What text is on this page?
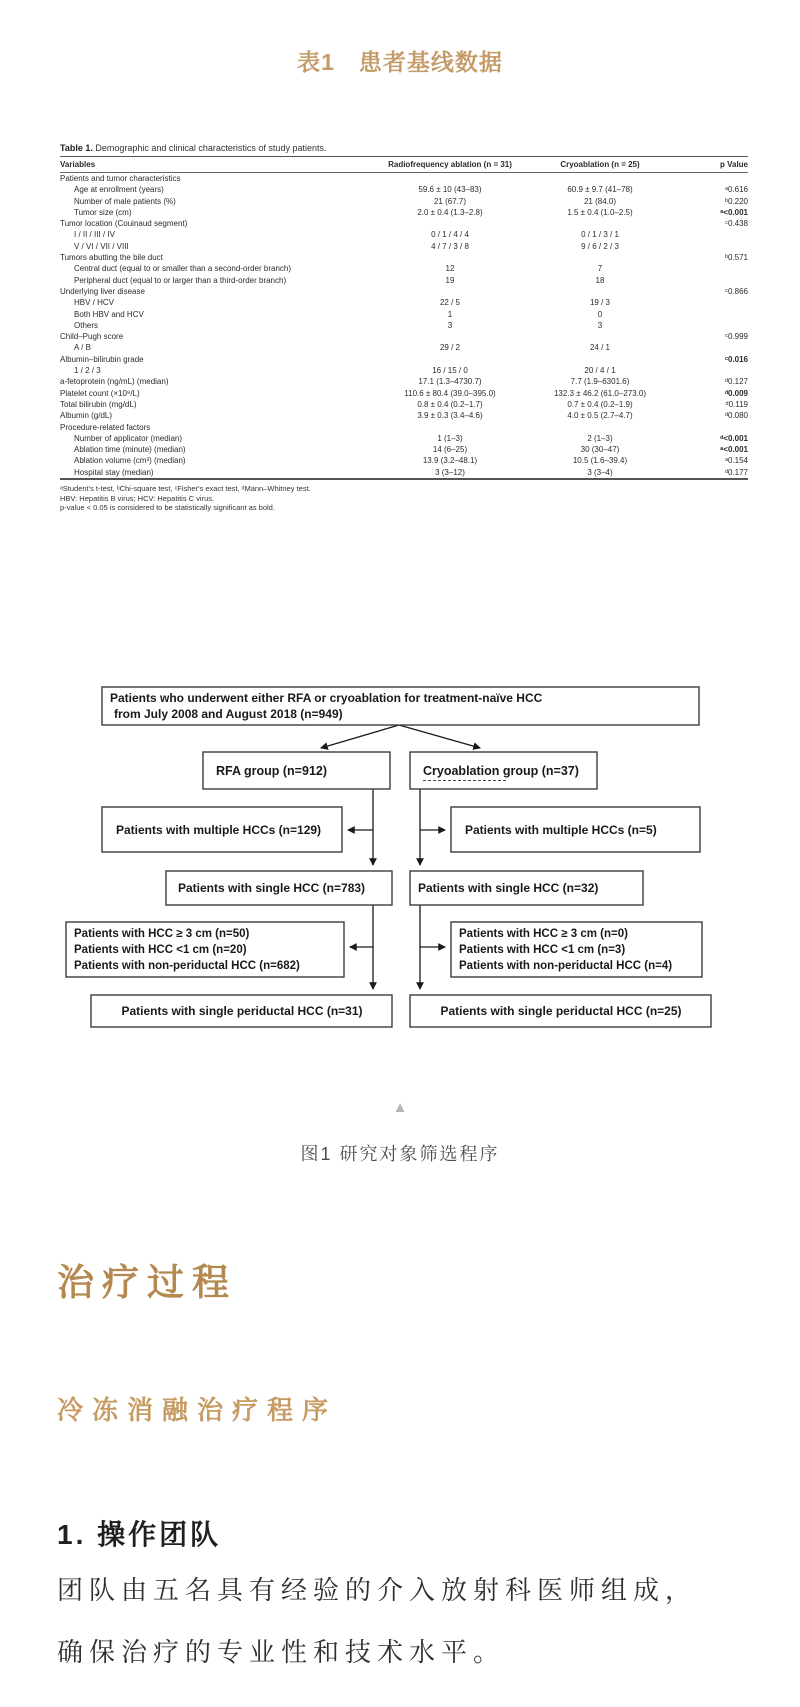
表1　患者基线数据

Table 1. Demographic and clinical characteristics of study patients.

Variables	Radiofrequency ablation (n = 31)	Cryoablation (n = 25)	p Value
Patients and tumor characteristics			
Age at enrollment (years)	59.6 ± 10 (43–83)	60.9 ± 9.7 (41–78)	ᵃ0.616
Number of male patients (%)	21 (67.7)	21 (84.0)	ᵇ0.220
Tumor size (cm)	2.0 ± 0.4 (1.3–2.8)	1.5 ± 0.4 (1.0–2.5)	ᵃ<0.001
Tumor location (Couinaud segment)			ᶜ0.438
I / II / III / IV	0 / 1 / 4 / 4	0 / 1 / 3 / 1	
V / VI / VII / VIII	4 / 7 / 3 / 8	9 / 6 / 2 / 3	
Tumors abutting the bile duct			ᵇ0.571
Central duct (equal to or smaller than a second-order branch)	12	7	
Peripheral duct (equal to or larger than a third-order branch)	19	18	
Underlying liver disease			ᶜ0.866
HBV / HCV	22 / 5	19 / 3	
Both HBV and HCV	1	0	
Others	3	3	
Child–Pugh score			ᶜ0.999
A / B	29 / 2	24 / 1	
Albumin–bilirubin grade			ᶜ0.016
1 / 2 / 3	16 / 15 / 0	20 / 4 / 1	
a-fetoprotein (ng/mL) (median)	17.1 (1.3–4730.7)	7.7 (1.9–6301.6)	ᵈ0.127
Platelet count (×10⁹/L)	110.6 ± 80.4 (39.0–395.0)	132.3 ± 46.2 (61.0–273.0)	ᵈ0.009
Total bilirubin (mg/dL)	0.8 ± 0.4 (0.2–1.7)	0.7 ± 0.4 (0.2–1.9)	ᵈ0.119
Albumin (g/dL)	3.9 ± 0.3 (3.4–4.6)	4.0 ± 0.5 (2.7–4.7)	ᵈ0.080
Procedure-related factors			
Number of applicator (median)	1 (1–3)	2 (1–3)	ᵈ<0.001
Ablation time (minute) (median)	14 (6–25)	30 (30–47)	ᵃ<0.001
Ablation volume (cm³) (median)	13.9 (3.2–48.1)	10.5 (1.6–39.4)	ᵃ0.154
Hospital stay (median)	3 (3–12)	3 (3–4)	ᵈ0.177
ᵃStudent's t-test, ᵇChi-square test, ᶜFisher's exact test, ᵈMann–Whitney test.
HBV: Hepatitis B virus; HCV: Hepatitis C virus.
p-value < 0.05 is considered to be statistically significant as bold.
Patients who underwent either RFA or cryoablation for treatment-naïve HCC
from July 2008 and August 2018 (n=949)
RFA group (n=912)	Cryoablation group (n=37)
Patients with multiple HCCs (n=129)	Patients with multiple HCCs (n=5)
Patients with single HCC (n=783)	Patients with single HCC (n=32)
Patients with HCC ≥ 3 cm (n=50)
Patients with HCC <1 cm (n=20)
Patients with non-periductal HCC (n=682)
Patients with HCC ≥ 3 cm (n=0)
Patients with HCC <1 cm (n=3)
Patients with non-periductal HCC (n=4)
Patients with single periductal HCC (n=31)	Patients with single periductal HCC (n=25)
▲
图1 研究对象筛选程序
治疗过程
冷冻消融治疗程序
1. 操作团队
团队由五名具有经验的介入放射科医师组成，
确保治疗的专业性和技术水平。
